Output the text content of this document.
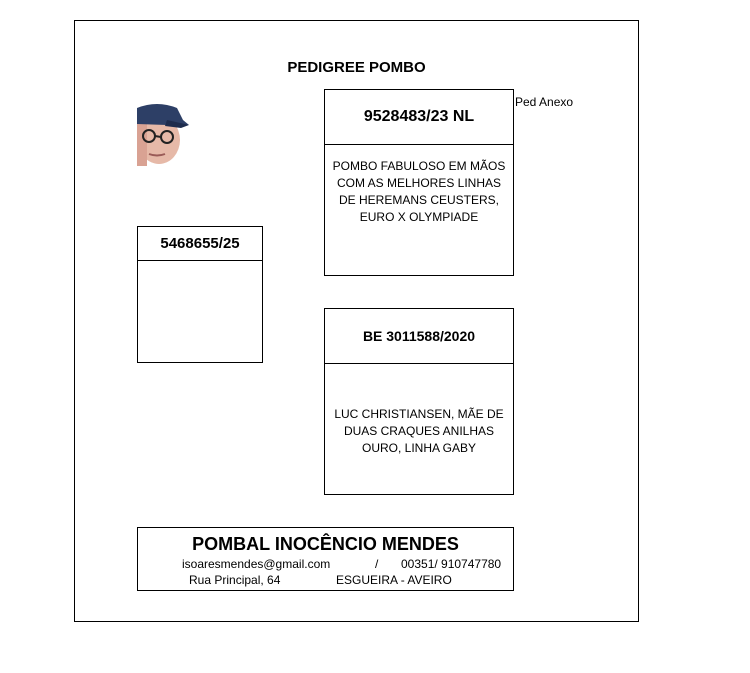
PEDIGREE POMBO
5468655/25
9528483/23 NL
POMBO FABULOSO EM MÃOS COM AS MELHORES LINHAS DE HEREMANS CEUSTERS, EURO X OLYMPIADE
Ped Anexo
BE 3011588/2020
LUC CHRISTIANSEN, MÃE DE DUAS CRAQUES ANILHAS OURO, LINHA GABY
POMBAL INOCÊNCIO MENDES
isoaresmendes@gmail.com	/ 00351/ 910747780
Rua Principal, 64	ESGUEIRA - AVEIRO
